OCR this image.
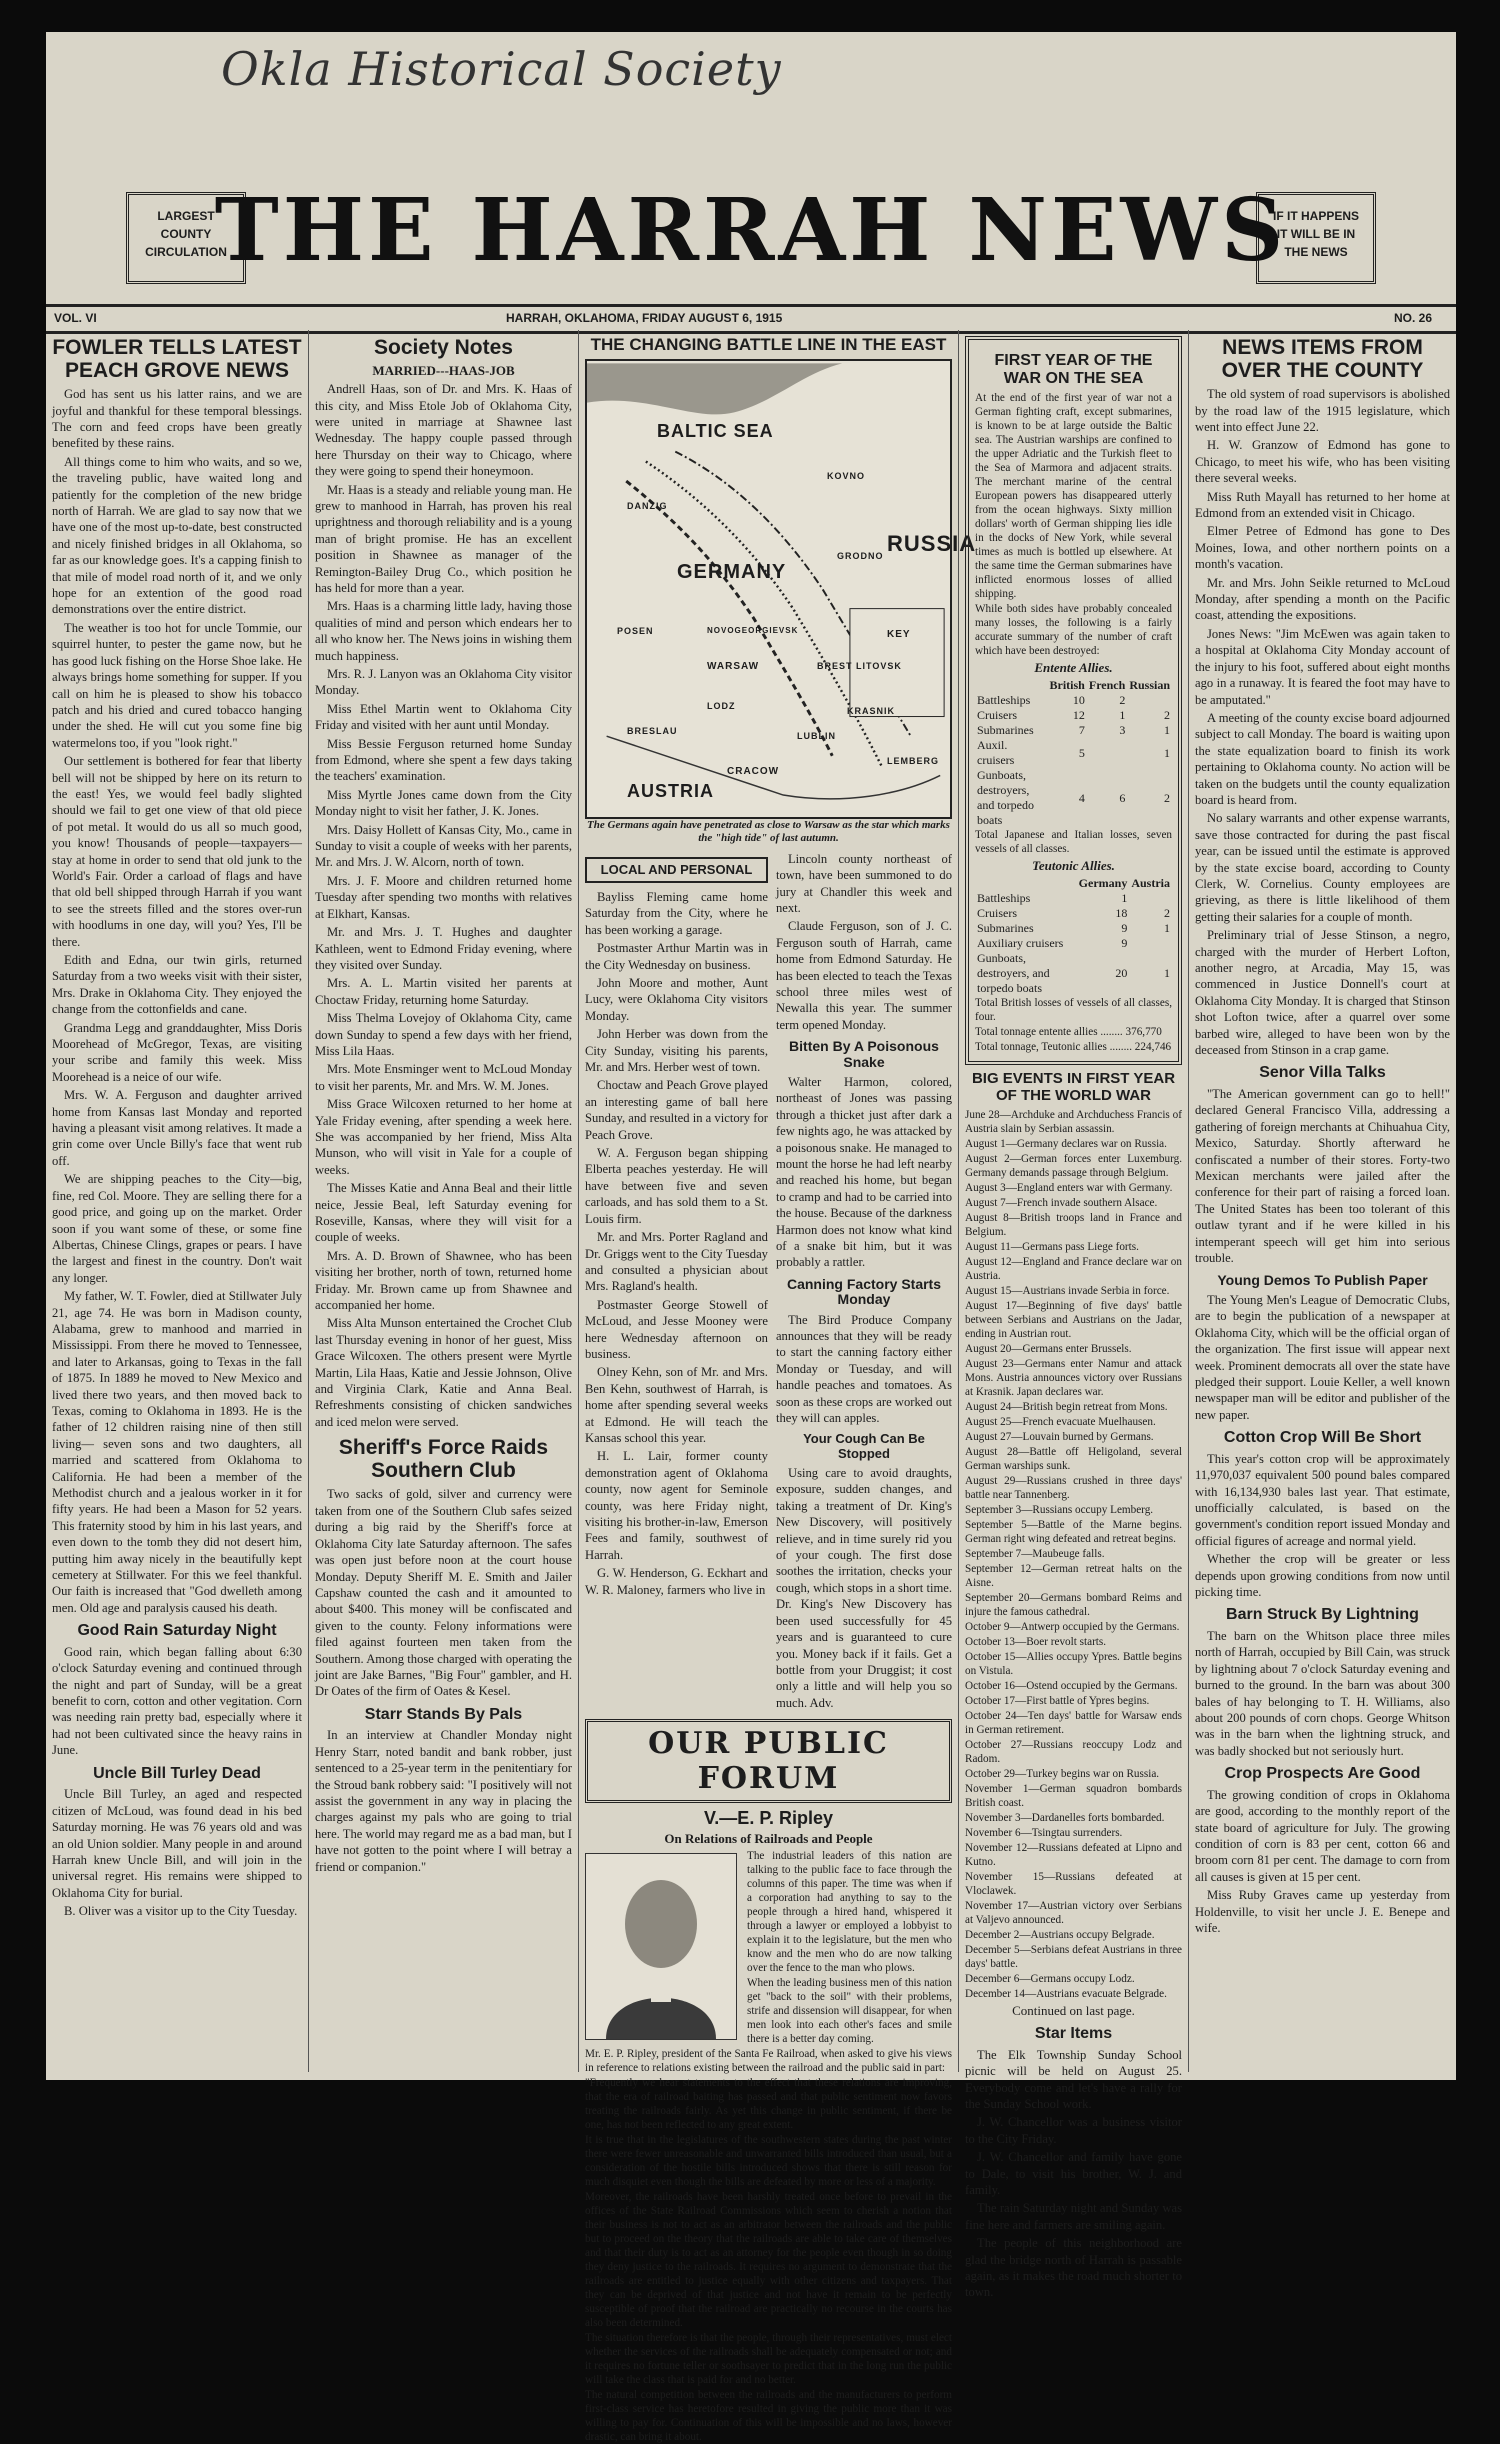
Okla Historical Society
LARGEST
COUNTY
CIRCULATION
IF IT HAPPENS
IT WILL BE IN
THE NEWS
THE HARRAH NEWS
VOL. VI	HARRAH, OKLAHOMA, FRIDAY AUGUST 6, 1915	NO. 26
FOWLER TELLS LATEST PEACH GROVE NEWS

God has sent us his latter rains, and we are joyful and thankful for these temporal blessings. The corn and feed crops have been greatly benefited by these rains.

All things come to him who waits, and so we, the traveling public, have waited long and patiently for the completion of the new bridge north of Harrah. We are glad to say now that we have one of the most up-to-date, best constructed and nicely finished bridges in all Oklahoma, so far as our knowledge goes. It's a capping finish to that mile of model road north of it, and we only hope for an extention of the good road demonstrations over the entire district.

The weather is too hot for uncle Tommie, our squirrel hunter, to pester the game now, but he has good luck fishing on the Horse Shoe lake. He always brings home something for supper. If you call on him he is pleased to show his tobacco patch and his dried and cured tobacco hanging under the shed. He will cut you some fine big watermelons too, if you "look right."

Our settlement is bothered for fear that liberty bell will not be shipped by here on its return to the east! Yes, we would feel badly slighted should we fail to get one view of that old piece of pot metal. It would do us all so much good, you know! Thousands of people—taxpayers—stay at home in order to send that old junk to the World's Fair. Order a carload of flags and have that old bell shipped through Harrah if you want to see the streets filled and the stores over-run with hoodlums in one day, will you? Yes, I'll be there.

Edith and Edna, our twin girls, returned Saturday from a two weeks visit with their sister, Mrs. Drake in Oklahoma City. They enjoyed the change from the cottonfields and cane.

Grandma Legg and granddaughter, Miss Doris Moorehead of McGregor, Texas, are visiting your scribe and family this week. Miss Moorehead is a neice of our wife.

Mrs. W. A. Ferguson and daughter arrived home from Kansas last Monday and reported having a pleasant visit among relatives. It made a grin come over Uncle Billy's face that went rub off.

We are shipping peaches to the City—big, fine, red Col. Moore. They are selling there for a good price, and going up on the market. Order soon if you want some of these, or some fine Albertas, Chinese Clings, grapes or pears. I have the largest and finest in the country. Don't wait any longer.

My father, W. T. Fowler, died at Stillwater July 21, age 74. He was born in Madison county, Alabama, grew to manhood and married in Mississippi. From there he moved to Tennessee, and later to Arkansas, going to Texas in the fall of 1875. In 1889 he moved to New Mexico and lived there two years, and then moved back to Texas, coming to Oklahoma in 1893. He is the father of 12 children raising nine of then still living— seven sons and two daughters, all married and scattered from Oklahoma to California. He had been a member of the Methodist church and a jealous worker in it for fifty years. He had been a Mason for 52 years. This fraternity stood by him in his last years, and even down to the tomb they did not desert him, putting him away nicely in the beautifully kept cemetery at Stillwater. For this we feel thankful. Our faith is increased that "God dwelleth among men. Old age and paralysis caused his death.

Good Rain Saturday Night

Good rain, which began falling about 6:30 o'clock Saturday evening and continued through the night and part of Sunday, will be a great benefit to corn, cotton and other vegitation. Corn was needing rain pretty bad, especially where it had not been cultivated since the heavy rains in June.

Uncle Bill Turley Dead

Uncle Bill Turley, an aged and respected citizen of McLoud, was found dead in his bed Saturday morning. He was 76 years old and was an old Union soldier. Many people in and around Harrah knew Uncle Bill, and will join in the universal regret. His remains were shipped to Oklahoma City for burial.

B. Oliver was a visitor up to the City Tuesday.

Society Notes
MARRIED---HAAS-JOB

Andrell Haas, son of Dr. and Mrs. K. Haas of this city, and Miss Etole Job of Oklahoma City, were united in marriage at Shawnee last Wednesday. The happy couple passed through here Thursday on their way to Chicago, where they were going to spend their honeymoon.

Mr. Haas is a steady and reliable young man. He grew to manhood in Harrah, has proven his real uprightness and thorough reliability and is a young man of bright promise. He has an excellent position in Shawnee as manager of the Remington-Bailey Drug Co., which position he has held for more than a year.

Mrs. Haas is a charming little lady, having those qualities of mind and person which endears her to all who know her. The News joins in wishing them much happiness.

Mrs. R. J. Lanyon was an Oklahoma City visitor Monday.

Miss Ethel Martin went to Oklahoma City Friday and visited with her aunt until Monday.

Miss Bessie Ferguson returned home Sunday from Edmond, where she spent a few days taking the teachers' examination.

Miss Myrtle Jones came down from the City Monday night to visit her father, J. K. Jones.

Mrs. Daisy Hollett of Kansas City, Mo., came in Sunday to visit a couple of weeks with her parents, Mr. and Mrs. J. W. Alcorn, north of town.

Mrs. J. F. Moore and children returned home Tuesday after spending two months with relatives at Elkhart, Kansas.

Mr. and Mrs. J. T. Hughes and daughter Kathleen, went to Edmond Friday evening, where they visited over Sunday.

Mrs. A. L. Martin visited her parents at Choctaw Friday, returning home Saturday.

Miss Thelma Lovejoy of Oklahoma City, came down Sunday to spend a few days with her friend, Miss Lila Haas.

Mrs. Mote Ensminger went to McLoud Monday to visit her parents, Mr. and Mrs. W. M. Jones.

Miss Grace Wilcoxen returned to her home at Yale Friday evening, after spending a week here. She was accompanied by her friend, Miss Alta Munson, who will visit in Yale for a couple of weeks.

The Misses Katie and Anna Beal and their little neice, Jessie Beal, left Saturday evening for Roseville, Kansas, where they will visit for a couple of weeks.

Mrs. A. D. Brown of Shawnee, who has been visiting her brother, north of town, returned home Friday. Mr. Brown came up from Shawnee and accompanied her home.

Miss Alta Munson entertained the Crochet Club last Thursday evening in honor of her guest, Miss Grace Wilcoxen. The others present were Myrtle Martin, Lila Haas, Katie and Jessie Johnson, Olive and Virginia Clark, Katie and Anna Beal. Refreshments consisting of chicken sandwiches and iced melon were served.

Sheriff's Force Raids Southern Club

Two sacks of gold, silver and currency were taken from one of the Southern Club safes seized during a big raid by the Sheriff's force at Oklahoma City late Saturday afternoon. The safes was open just before noon at the court house Monday. Deputy Sheriff M. E. Smith and Jailer Capshaw counted the cash and it amounted to about $400. This money will be confiscated and given to the county. Felony informations were filed against fourteen men taken from the Southern. Among those charged with operating the joint are Jake Barnes, "Big Four" gambler, and H. Dr Oates of the firm of Oates & Kesel.

Starr Stands By Pals

In an interview at Chandler Monday night Henry Starr, noted bandit and bank robber, just sentenced to a 25-year term in the penitentiary for the Stroud bank robbery said: "I positively will not assist the government in any way in placing the charges against my pals who are going to trial here. The world may regard me as a bad man, but I have not gotten to the point where I will betray a friend or companion."

THE CHANGING BATTLE LINE IN THE EAST
BALTIC SEA
GERMANY
RUSSIA
AUSTRIA
DANZIG
POSEN
WARSAW
LODZ
CRACOW
BRESLAU	LUBLIN
KOVNO
GRODNO
BREST LITOVSK
NOVOGEORGIEVSK
KRASNIK
LEMBERG
KEY
The Germans again have penetrated as close to Warsaw as the star which marks the "high tide" of last autumn.
LOCAL AND PERSONAL

Bayliss Fleming came home Saturday from the City, where he has been working a garage.

Postmaster Arthur Martin was in the City Wednesday on business.

John Moore and mother, Aunt Lucy, were Oklahoma City visitors Monday.

John Herber was down from the City Sunday, visiting his parents, Mr. and Mrs. Herber west of town.

Choctaw and Peach Grove played an interesting game of ball here Sunday, and resulted in a victory for Peach Grove.

W. A. Ferguson began shipping Elberta peaches yesterday. He will have between five and seven carloads, and has sold them to a St. Louis firm.

Mr. and Mrs. Porter Ragland and Dr. Griggs went to the City Tuesday and consulted a physician about Mrs. Ragland's health.

Postmaster George Stowell of McLoud, and Jesse Mooney were here Wednesday afternoon on business.

Olney Kehn, son of Mr. and Mrs. Ben Kehn, southwest of Harrah, is home after spending several weeks at Edmond. He will teach the Kansas school this year.

H. L. Lair, former county demonstration agent of Oklahoma county, now agent for Seminole county, was here Friday night, visiting his brother-in-law, Emerson Fees and family, southwest of Harrah.

G. W. Henderson, G. Eckhart and W. R. Maloney, farmers who live in

Lincoln county northeast of town, have been summoned to do jury at Chandler this week and next.

Claude Ferguson, son of J. C. Ferguson south of Harrah, came home from Edmond Saturday. He has been elected to teach the Texas school three miles west of Newalla this year. The summer term opened Monday.

Bitten By A Poisonous Snake

Walter Harmon, colored, northeast of Jones was passing through a thicket just after dark a few nights ago, he was attacked by a poisonous snake. He managed to mount the horse he had left nearby and reached his home, but began to cramp and had to be carried into the house. Because of the darkness Harmon does not know what kind of a snake bit him, but it was probably a rattler.

Canning Factory Starts Monday

The Bird Produce Company announces that they will be ready to start the canning factory either Monday or Tuesday, and will handle peaches and tomatoes. As soon as these crops are worked out they will can apples.

Your Cough Can Be Stopped

Using care to avoid draughts, exposure, sudden changes, and taking a treatment of Dr. King's New Discovery, will positively relieve, and in time surely rid you of your cough. The first dose soothes the irritation, checks your cough, which stops in a short time. Dr. King's New Discovery has been used successfully for 45 years and is guaranteed to cure you. Money back if it fails. Get a bottle from your Druggist; it cost only a little and will help you so much. Adv.

OUR PUBLIC FORUM
V.—E. P. Ripley
On Relations of Railroads and People

The industrial leaders of this nation are talking to the public face to face through the columns of this paper. The time was when if a corporation had anything to say to the people through a hired hand, whispered it through a lawyer or employed a lobbyist to explain it to the legislature, but the men who know and the men who do are now talking over the fence to the man who plows.

When the leading business men of this nation get "back to the soil" with their problems, strife and dissension will disappear, for when men look into each other's faces and smile there is a better day coming.

Mr. E. P. Ripley, president of the Santa Fe Railroad, when asked to give his views in reference to relations existing between the railroad and the public said in part:

"Frequently we hear statements to the effect that these relations are improving, that the era of railroad baiting has passed and that public sentiment now favors treating the railroads fairly. As yet this change in public sentiment, if there be one, has not been reflected to any great extent.

It is true that in the legislatures of the southwestern states during the past winter there were fewer unreasonable and unwarranted bills introduced than usual, but a consideration of the hostile bills introduced shows that there is still reason for much disquiet even though the bills are defeated by more or less of a majority.

Moreover, the railroads have been harshly treated once before to prevail in the offices of the State Railroad Commissions which seem to cherish a notion that their business is not to act as an arbitrator between the railroads and the public but to proceed on the theory that the railroads are able to take care of themselves and that their duty is to act as an attorney for the people even though in so doing they deny justice to the railroads. It requires no argument to demonstrate that the railroads are entitled to justice equally with other citizens and taxpayers. That they can be deprived of that justice and not have it remain to be perfectly susceptible of proof that the railroad are practically no recourse in the courts has also been determined.

The situation therefore is that the people, through their representatives, must elect whether the services of the railroads shall be adequately compensated or not; and it requires no fortune teller or soothsayer to predict that in the long run the public will take the class that is paid for and no better.

The natural competition between the railroads and the manufacturers to perform first-class service has heretofore resulted in giving the public more than it was willing to pay for. Continuation of this will be impossible and no laws, however drastic, can bring it about.

FIRST YEAR OF THE WAR ON THE SEA

At the end of the first year of war not a German fighting craft, except submarines, is known to be at large outside the Baltic sea. The Austrian warships are confined to the upper Adriatic and the Turkish fleet to the Sea of Marmora and adjacent straits. The merchant marine of the central European powers has disappeared utterly from the ocean highways. Sixty million dollars' worth of German shipping lies idle in the docks of New York, while several times as much is bottled up elsewhere. At the same time the German submarines have inflicted enormous losses of allied shipping.

While both sides have probably concealed many losses, the following is a fairly accurate summary of the number of craft which have been destroyed:

Entente Allies.
	British	French	Russian
Battleships	10	2	
Cruisers	12	1	2
Submarines	7	3	1
Auxil. cruisers	5		1
Gunboats, destroyers, and torpedo boats	4	6	2
Total Japanese and Italian losses, seven vessels of all classes.
Teutonic Allies.
	Germany	Austria
Battleships	1	
Cruisers	18	2
Submarines	9	1
Auxiliary cruisers	9	
Gunboats, destroyers, and torpedo boats	20	1

Total British losses of vessels of all classes, four.

Total tonnage entente allies ........ 376,770

Total tonnage, Teutonic allies ........ 224,746

BIG EVENTS IN FIRST YEAR OF THE WORLD WAR

June 28—Archduke and Archduchess Francis of Austria slain by Serbian assassin.

August 1—Germany declares war on Russia.

August 2—German forces enter Luxemburg. Germany demands passage through Belgium.

August 3—England enters war with Germany.

August 7—French invade southern Alsace.

August 8—British troops land in France and Belgium.

August 11—Germans pass Liege forts.

August 12—England and France declare war on Austria.

August 15—Austrians invade Serbia in force.

August 17—Beginning of five days' battle between Serbians and Austrians on the Jadar, ending in Austrian rout.

August 20—Germans enter Brussels.

August 23—Germans enter Namur and attack Mons. Austria announces victory over Russians at Krasnik. Japan declares war.

August 24—British begin retreat from Mons.

August 25—French evacuate Muelhausen.

August 27—Louvain burned by Germans.

August 28—Battle off Heligoland, several German warships sunk.

August 29—Russians crushed in three days' battle near Tannenberg.

September 3—Russians occupy Lemberg.

September 5—Battle of the Marne begins. German right wing defeated and retreat begins.

September 7—Maubeuge falls.

September 12—German retreat halts on the Aisne.

September 20—Germans bombard Reims and injure the famous cathedral.

October 9—Antwerp occupied by the Germans.

October 13—Boer revolt starts.

October 15—Allies occupy Ypres. Battle begins on Vistula.

October 16—Ostend occupied by the Germans.

October 17—First battle of Ypres begins.

October 24—Ten days' battle for Warsaw ends in German retirement.

October 27—Russians reoccupy Lodz and Radom.

October 29—Turkey begins war on Russia.

November 1—German squadron bombards British coast.

November 3—Dardanelles forts bombarded.

November 6—Tsingtau surrenders.

November 12—Russians defeated at Lipno and Kutno.

November 15—Russians defeated at Vloclawek.

November 17—Austrian victory over Serbians at Valjevo announced.

December 2—Austrians occupy Belgrade.

December 5—Serbians defeat Austrians in three days' battle.

December 6—Germans occupy Lodz.

December 14—Austrians evacuate Belgrade.

Continued on last page.
Star Items

The Elk Township Sunday School picnic will be held on August 25. Everybody come and let's have a rally for the Sunday School work.

J. W. Chancellor was a business visitor to the City Friday.

J. W. Chancellor and family have gone to Dale, to visit his brother, W. J. and family.

The rain Saturday night and Sunday was fine here and farmers are smiling again.

The people of this neighborhood are glad the bridge north of Harrah is passable again, as it makes the road much shorter to town.

NEWS ITEMS FROM OVER THE COUNTY

The old system of road supervisors is abolished by the road law of the 1915 legislature, which went into effect June 22.

H. W. Granzow of Edmond has gone to Chicago, to meet his wife, who has been visiting there several weeks.

Miss Ruth Mayall has returned to her home at Edmond from an extended visit in Chicago.

Elmer Petree of Edmond has gone to Des Moines, Iowa, and other northern points on a month's vacation.

Mr. and Mrs. John Seikle returned to McLoud Monday, after spending a month on the Pacific coast, attending the expositions.

Jones News: "Jim McEwen was again taken to a hospital at Oklahoma City Monday account of the injury to his foot, suffered about eight months ago in a runaway. It is feared the foot may have to be amputated."

A meeting of the county excise board adjourned subject to call Monday. The board is waiting upon the state equalization board to finish its work pertaining to Oklahoma county. No action will be taken on the budgets until the county equalization board is heard from.

No salary warrants and other expense warrants, save those contracted for during the past fiscal year, can be issued until the estimate is approved by the state excise board, according to County Clerk, W. Cornelius. County employees are grieving, as there is little likelihood of them getting their salaries for a couple of month.

Preliminary trial of Jesse Stinson, a negro, charged with the murder of Herbert Lofton, another negro, at Arcadia, May 15, was commenced in Justice Donnell's court at Oklahoma City Monday. It is charged that Stinson shot Lofton twice, after a quarrel over some barbed wire, alleged to have been won by the deceased from Stinson in a crap game.

Senor Villa Talks

"The American government can go to hell!" declared General Francisco Villa, addressing a gathering of foreign merchants at Chihuahua City, Mexico, Saturday. Shortly afterward he confiscated a number of their stores. Forty-two Mexican merchants were jailed after the conference for their part of raising a forced loan. The United States has been too tolerant of this outlaw tyrant and if he were killed in his intemperant speech will get him into serious trouble.

Young Demos To Publish Paper

The Young Men's League of Democratic Clubs, are to begin the publication of a newspaper at Oklahoma City, which will be the official organ of the organization. The first issue will appear next week. Prominent democrats all over the state have pledged their support. Louie Keller, a well known newspaper man will be editor and publisher of the new paper.

Cotton Crop Will Be Short

This year's cotton crop will be approximately 11,970,037 equivalent 500 pound bales compared with 16,134,930 bales last year. That estimate, unofficially calculated, is based on the government's condition report issued Monday and official figures of acreage and normal yield.

Whether the crop will be greater or less depends upon growing conditions from now until picking time.

Barn Struck By Lightning

The barn on the Whitson place three miles north of Harrah, occupied by Bill Cain, was struck by lightning about 7 o'clock Saturday evening and burned to the ground. In the barn was about 300 bales of hay belonging to T. H. Williams, also about 200 pounds of corn chops. George Whitson was in the barn when the lightning struck, and was badly shocked but not seriously hurt.

Crop Prospects Are Good

The growing condition of crops in Oklahoma are good, according to the monthly report of the state board of agriculture for July. The growing condition of corn is 83 per cent, cotton 66 and broom corn 81 per cent. The damage to corn from all causes is given at 15 per cent.

Miss Ruby Graves came up yesterday from Holdenville, to visit her uncle J. E. Benepe and wife.
